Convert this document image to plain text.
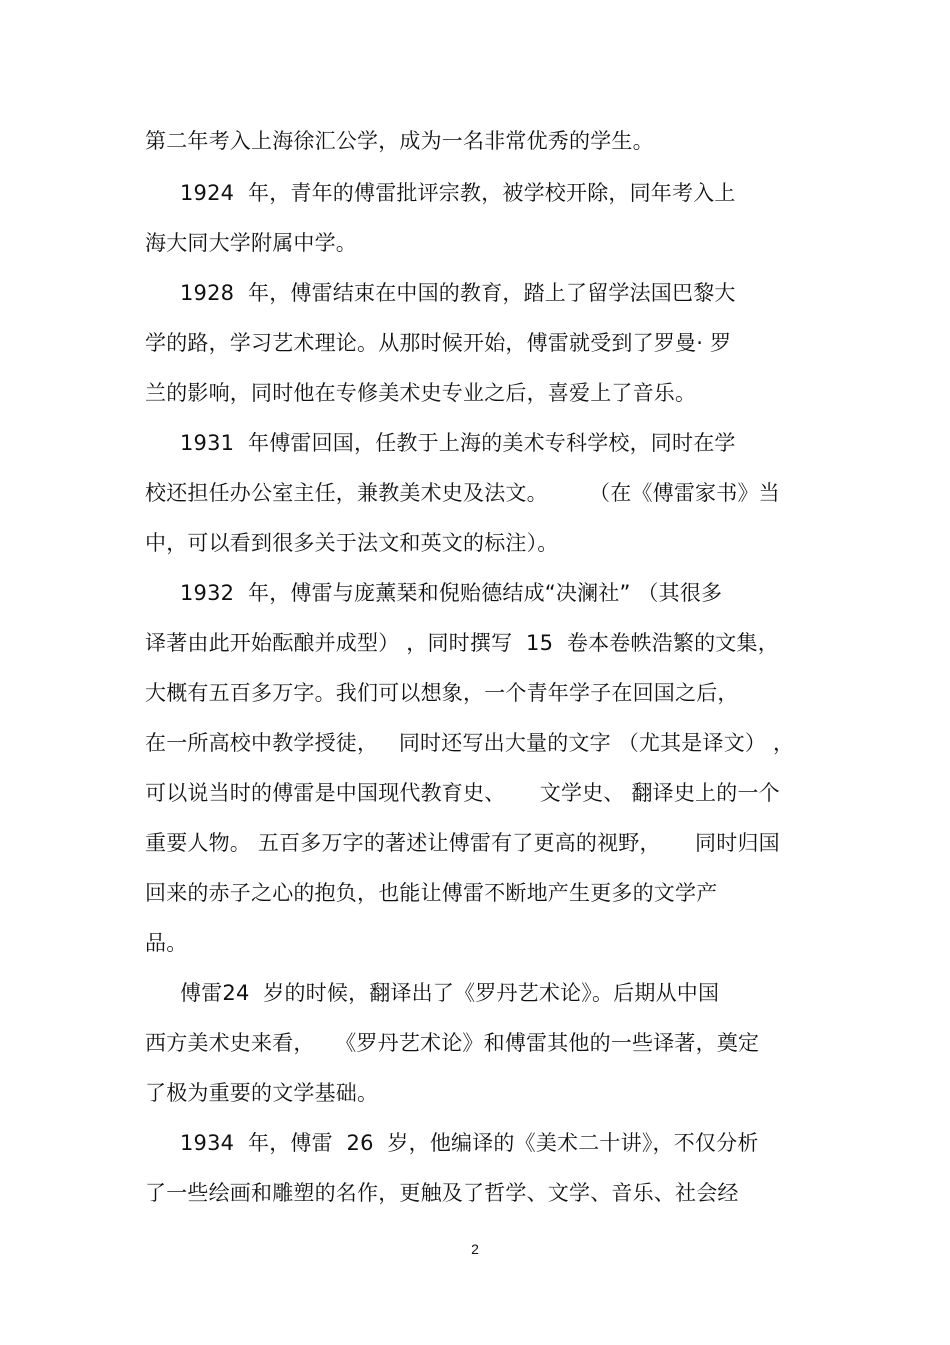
第二年考入上海徐汇公学，成为一名非常优秀的学生。
1924  年，青年的傅雷批评宗教，被学校开除，同年考入上
海大同大学附属中学。
1928  年，傅雷结束在中国的教育，踏上了留学法国巴黎大
学的路，学习艺术理论。从那时候开始，傅雷就受到了罗曼· 罗
兰的影响，同时他在专修美术史专业之后，喜爱上了音乐。
1931  年傅雷回国，任教于上海的美术专科学校，同时在学
校还担任办公室主任，兼教美术史及法文。      （在《傅雷家书》当
中，可以看到很多关于法文和英文的标注）。
1932  年，傅雷与庞薰琹和倪贻德结成“决澜社” （其很多
译著由此开始酝酿并成型） ，同时撰写  15  卷本卷帙浩繁的文集，
大概有五百多万字。我们可以想象，一个青年学子在回国之后，
在一所高校中教学授徒，   同时还写出大量的文字 （尤其是译文） ，
可以说当时的傅雷是中国现代教育史、     文学史、 翻译史上的一个
重要人物。 五百多万字的著述让傅雷有了更高的视野，     同时归国
回来的赤子之心的抱负，也能让傅雷不断地产生更多的文学产
品。
傅雷24  岁的时候，翻译出了《罗丹艺术论》。后期从中国
西方美术史来看，   《罗丹艺术论》和傅雷其他的一些译著，奠定
了极为重要的文学基础。
1934  年，傅雷  26  岁，他编译的《美术二十讲》，不仅分析
了一些绘画和雕塑的名作，更触及了哲学、文学、音乐、社会经
2
